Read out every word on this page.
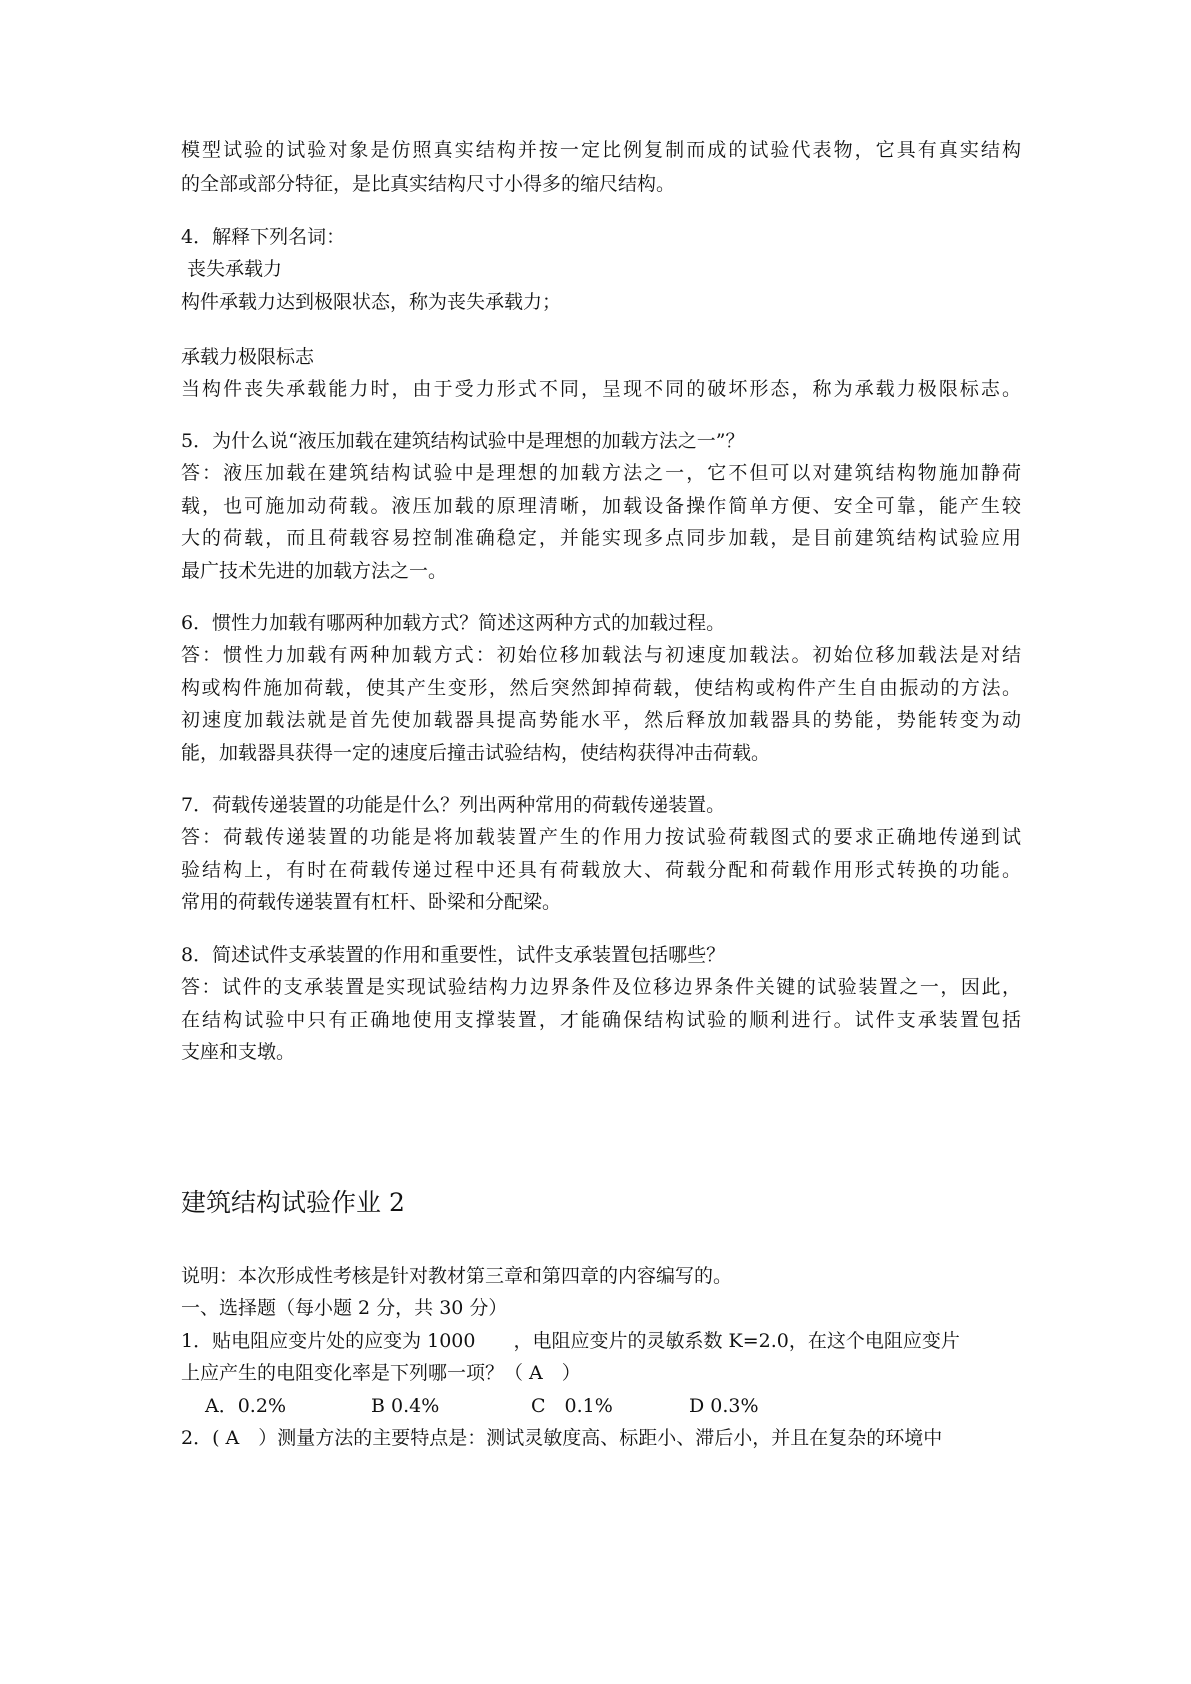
模型试验的试验对象是仿照真实结构并按一定比例复制而成的试验代表物，它具有真实结构
的全部或部分特征，是比真实结构尺寸小得多的缩尺结构。
4．解释下列名词：
丧失承载力
构件承载力达到极限状态，称为丧失承载力；
承载力极限标志
当构件丧失承载能力时，由于受力形式不同，呈现不同的破坏形态，称为承载力极限标志。
5．为什么说“液压加载在建筑结构试验中是理想的加载方法之一”？
答：液压加载在建筑结构试验中是理想的加载方法之一，它不但可以对建筑结构物施加静荷
载，也可施加动荷载。液压加载的原理清晰，加载设备操作简单方便、安全可靠，能产生较
大的荷载，而且荷载容易控制准确稳定，并能实现多点同步加载，是目前建筑结构试验应用
最广技术先进的加载方法之一。
6．惯性力加载有哪两种加载方式？简述这两种方式的加载过程。
答：惯性力加载有两种加载方式：初始位移加载法与初速度加载法。初始位移加载法是对结
构或构件施加荷载，使其产生变形，然后突然卸掉荷载，使结构或构件产生自由振动的方法。
初速度加载法就是首先使加载器具提高势能水平，然后释放加载器具的势能，势能转变为动
能，加载器具获得一定的速度后撞击试验结构，使结构获得冲击荷载。
7．荷载传递装置的功能是什么？列出两种常用的荷载传递装置。
答：荷载传递装置的功能是将加载装置产生的作用力按试验荷载图式的要求正确地传递到试
验结构上，有时在荷载传递过程中还具有荷载放大、荷载分配和荷载作用形式转换的功能。
常用的荷载传递装置有杠杆、卧梁和分配梁。
8．简述试件支承装置的作用和重要性，试件支承装置包括哪些？
答：试件的支承装置是实现试验结构力边界条件及位移边界条件关键的试验装置之一，因此，
在结构试验中只有正确地使用支撑装置，才能确保结构试验的顺利进行。试件支承装置包括
支座和支墩。
建筑结构试验作业 2
说明：本次形成性考核是针对教材第三章和第四章的内容编写的。
一、选择题（每小题 2 分，共 30 分）
1．贴电阻应变片处的应变为 1000　　，电阻应变片的灵敏系数 K=2.0，在这个电阻应变片
上应产生的电阻变化率是下列哪一项？（ A　）
A．0.2%	B 0.4%	C　0.1%	D 0.3%
2．( A　）测量方法的主要特点是：测试灵敏度高、标距小、滞后小，并且在复杂的环境中
